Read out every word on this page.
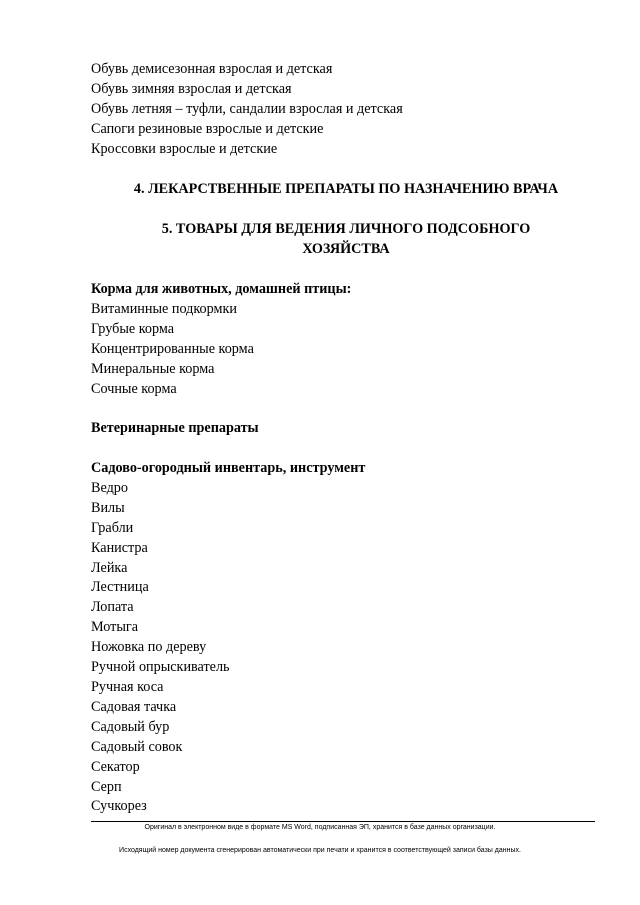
Обувь демисезонная взрослая и детская
Обувь зимняя взрослая и детская
Обувь летняя – туфли, сандалии взрослая и детская
Сапоги резиновые взрослые и детские
Кроссовки взрослые и детские
4. ЛЕКАРСТВЕННЫЕ ПРЕПАРАТЫ ПО НАЗНАЧЕНИЮ ВРАЧА
5. ТОВАРЫ ДЛЯ ВЕДЕНИЯ ЛИЧНОГО ПОДСОБНОГО
ХОЗЯЙСТВА
Корма для животных, домашней птицы:
Витаминные подкормки
Грубые корма
Концентрированные корма
Минеральные корма
Сочные корма
Ветеринарные препараты
Садово-огородный инвентарь, инструмент
Ведро
Вилы
Грабли
Канистра
Лейка
Лестница
Лопата
Мотыга
Ножовка по дереву
Ручной опрыскиватель
Ручная коса
Садовая тачка
Садовый бур
Садовый совок
Секатор
Серп
Сучкорез
Оригинал в электронном виде в формате MS Word, подписанная ЭП, хранится в базе данных организации.
Исходящий номер документа сгенерирован автоматически при печати и хранится в соответствующей записи базы данных.
